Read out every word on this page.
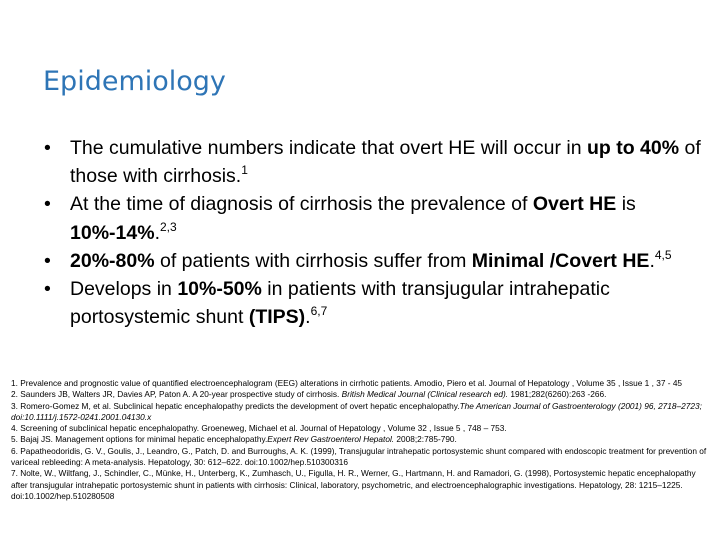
Epidemiology
• The cumulative numbers indicate that overt HE will occur in up to 40% of those with cirrhosis.$^1$
• At the time of diagnosis of cirrhosis the prevalence of Overt HE is 10%-14%.$^{2,3}$
• 20%-80% of patients with cirrhosis suffer from Minimal /Covert HE.$^{4,5}$
• Develops in 10%-50% in patients with transjugular intrahepatic portosystemic shunt (TIPS).$^{6,7}$
1. Prevalence and prognostic value of quantified electroencephalogram (EEG) alterations in cirrhotic patients. Amodio, Piero et al. Journal of Hepatology , Volume 35 , Issue 1 , 37 - 45
2. Saunders JB, Walters JR, Davies AP, Paton A. A 20-year prospective study of cirrhosis. British Medical Journal (Clinical research ed). 1981;282(6260):263 -266.
3. Romero-Gomez M, et al. Subclinical hepatic encephalopathy predicts the development of overt hepatic encephalopathy.The American Journal of Gastroenterology (2001) 96, 2718–2723; doi:10.1111/j.1572-0241.2001.04130.x
4. Screening of subclinical hepatic encephalopathy. Groeneweg, Michael et al. Journal of Hepatology , Volume 32 , Issue 5 , 748 – 753.
5. Bajaj JS. Management options for minimal hepatic encephalopathy.Expert Rev Gastroenterol Hepatol. 2008;2:785-790.
6. Papatheodoridis, G. V., Goulis, J., Leandro, G., Patch, D. and Burroughs, A. K. (1999), Transjugular intrahepatic portosystemic shunt compared with endoscopic treatment for prevention of variceal rebleeding: A meta-analysis. Hepatology, 30: 612–622. doi:10.1002/hep.510300316
7. Nolte, W., Wiltfang, J., Schindler, C., Münke, H., Unterberg, K., Zumhasch, U., Figulla, H. R., Werner, G., Hartmann, H. and Ramadori, G. (1998), Portosystemic hepatic encephalopathy after transjugular intrahepatic portosystemic shunt in patients with cirrhosis: Clinical, laboratory, psychometric, and electroencephalographic investigations. Hepatology, 28: 1215–1225. doi:10.1002/hep.510280508
